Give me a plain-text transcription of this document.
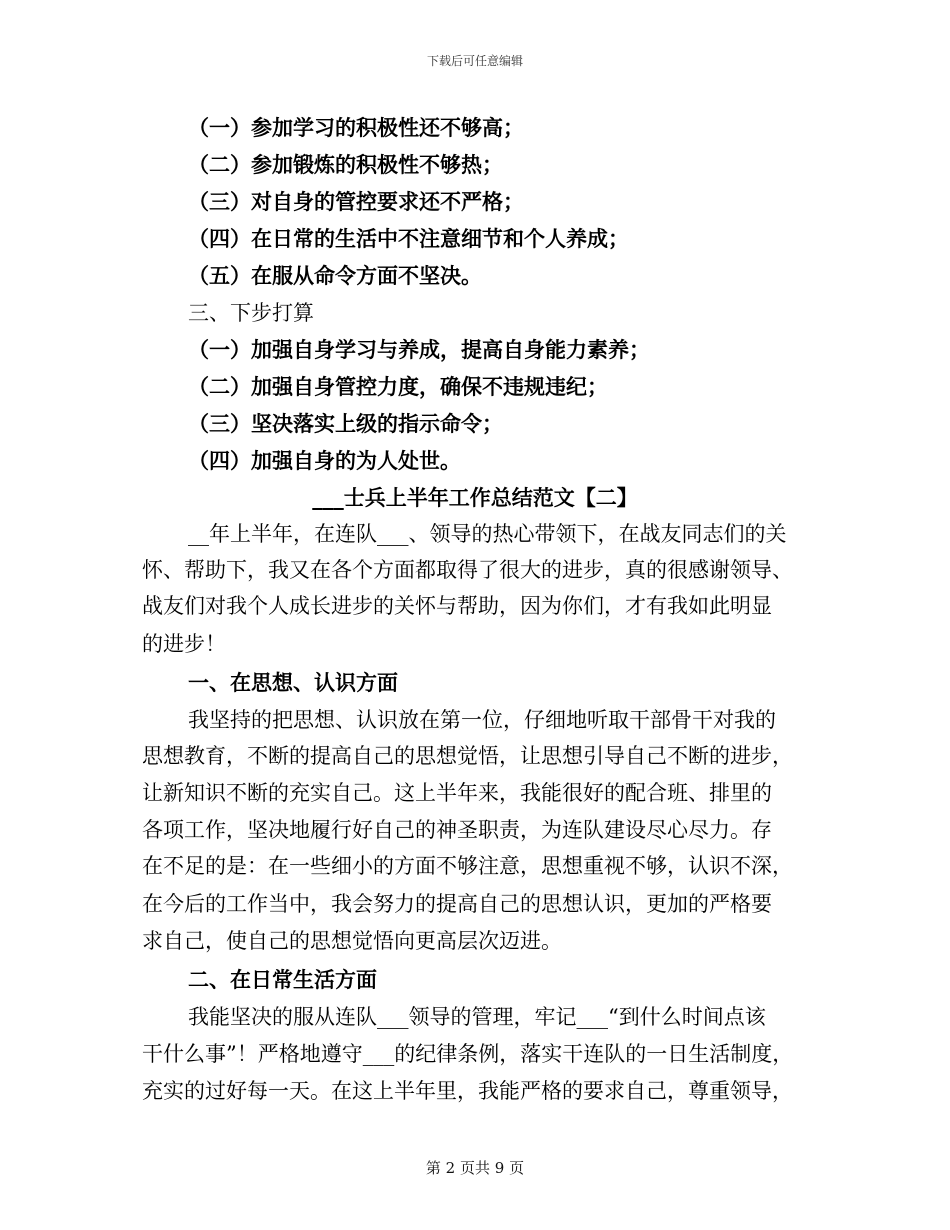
下载后可任意编辑
（一）参加学习的积极性还不够高；
（二）参加锻炼的积极性不够热；
（三）对自身的管控要求还不严格；
（四）在日常的生活中不注意细节和个人养成；
（五）在服从命令方面不坚决。
三、下步打算
（一）加强自身学习与养成，提高自身能力素养；
（二）加强自身管控力度，确保不违规违纪；
（三）坚决落实上级的指示命令；
（四）加强自身的为人处世。
___士兵上半年工作总结范文【二】
__年上半年，在连队___、领导的热心带领下，在战友同志们的关
怀、帮助下，我又在各个方面都取得了很大的进步，真的很感谢领导、
战友们对我个人成长进步的关怀与帮助，因为你们，才有我如此明显
的进步！
一、在思想、认识方面
我坚持的把思想、认识放在第一位，仔细地听取干部骨干对我的
思想教育，不断的提高自己的思想觉悟，让思想引导自己不断的进步，
让新知识不断的充实自己。这上半年来，我能很好的配合班、排里的
各项工作，坚决地履行好自己的神圣职责，为连队建设尽心尽力。存
在不足的是：在一些细小的方面不够注意，思想重视不够，认识不深，
在今后的工作当中，我会努力的提高自己的思想认识，更加的严格要
求自己，使自己的思想觉悟向更高层次迈进。
二、在日常生活方面
我能坚决的服从连队___领导的管理，牢记___“到什么时间点该
干什么事”！严格地遵守___的纪律条例，落实干连队的一日生活制度，
充实的过好每一天。在这上半年里，我能严格的要求自己，尊重领导，
第 2 页共 9 页
